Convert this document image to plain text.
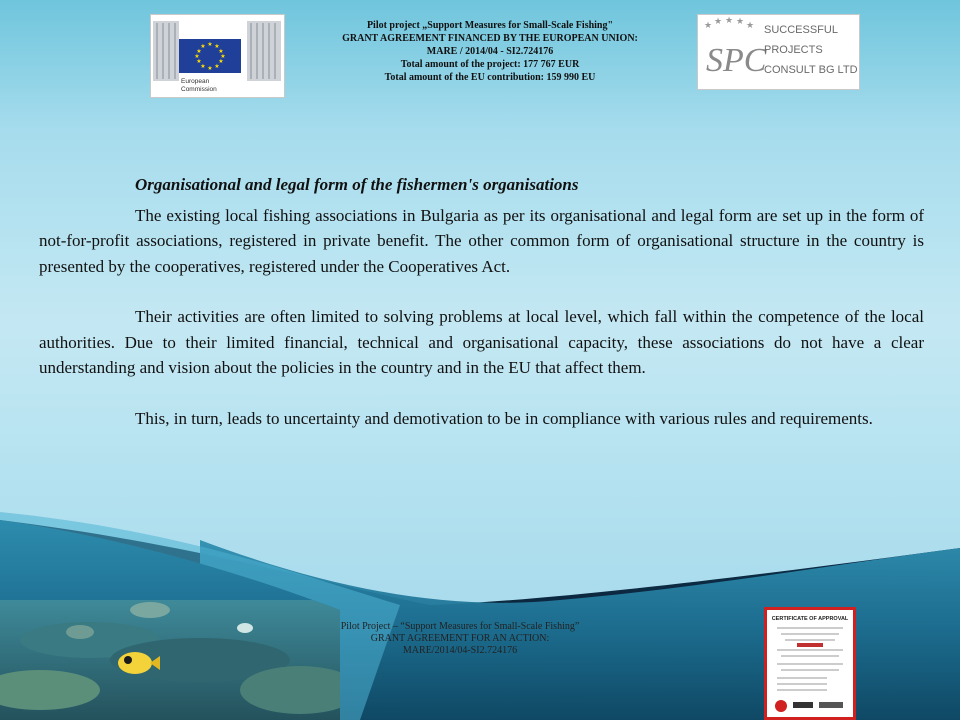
★ ★
★
★
★
★
★
★
★
★
★
★
European
Commission
Pilot project „Support Measures for Small-Scale Fishing"
GRANT AGREEMENT FINANCED BY THE EUROPEAN UNION:
MARE / 2014/04 - SI2.724176
Total amount of the project: 177 767 EUR
Total amount of the EU contribution: 159 990 EU
★ ★ ★ ★ ★
SPC
SUCCESSFUL
PROJECTS
CONSULT BG LTD
Organisational and legal form of the fishermen's organisations

The existing local fishing associations in Bulgaria as per its organisational and legal form are set up in the form of not-for-profit associations, registered in private benefit. The other common form of organisational structure in the country is presented by the cooperatives, registered under the Cooperatives Act.

Their activities are often limited to solving problems at local level, which fall within the competence of the local authorities. Due to their limited financial, technical and organisational capacity, these associations do not have a clear understanding and vision about the policies in the country and in the EU that affect them.

This, in turn, leads to uncertainty and demotivation to be in compliance with various rules and requirements.

Pilot Project – “Support Measures for Small-Scale Fishing”
GRANT AGREEMENT FOR AN ACTION:
MARE/2014/04-SI2.724176
CERTIFICATE OF APPROVAL
